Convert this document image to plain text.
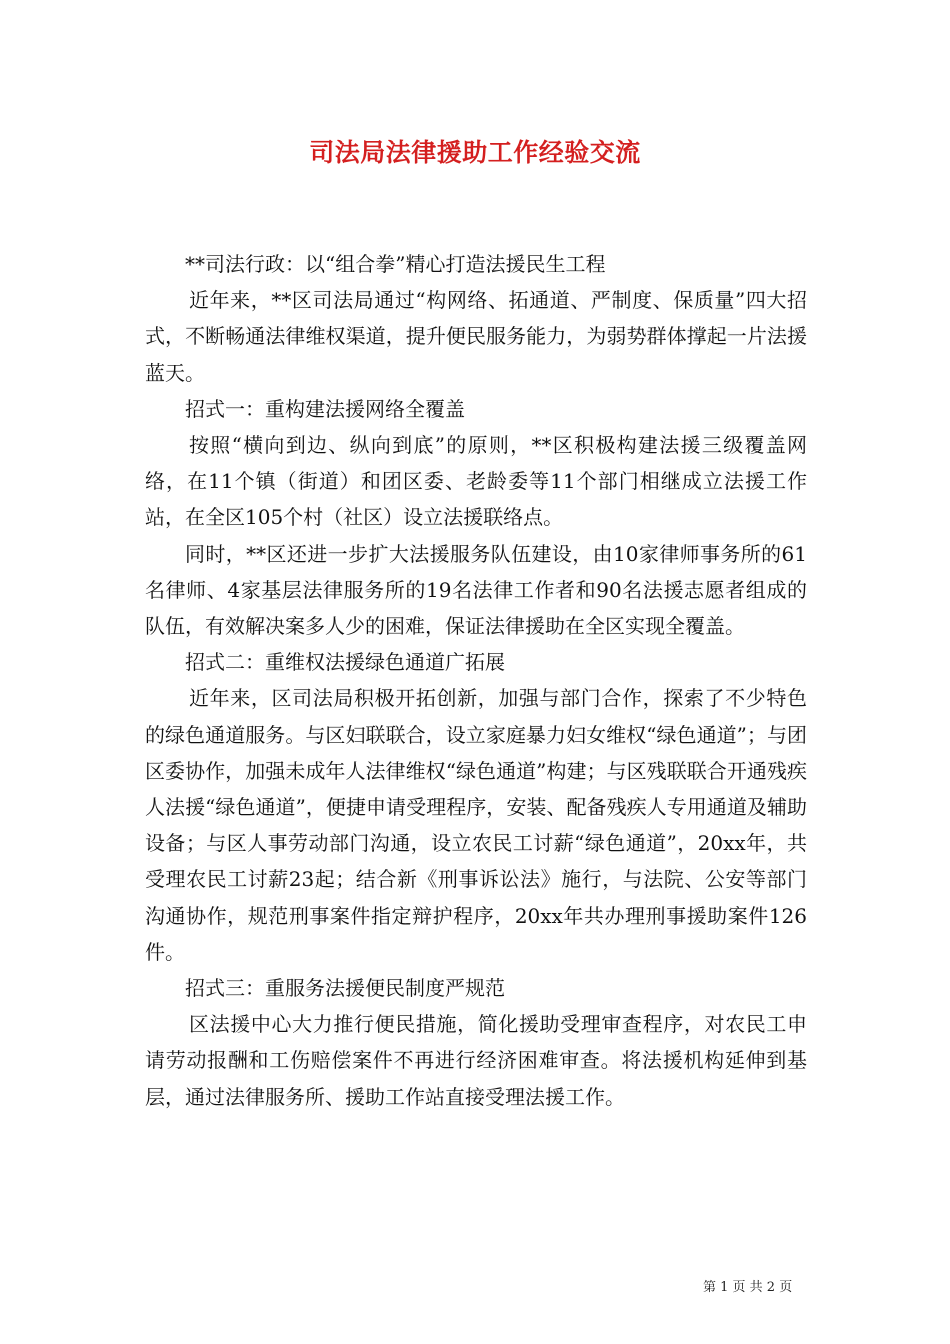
司法局法律援助工作经验交流

**司法行政：以“组合拳”精心打造法援民生工程

近年来，**区司法局通过“构网络、拓通道、严制度、保质量”四大招式，不断畅通法律维权渠道，提升便民服务能力，为弱势群体撑起一片法援蓝天。

招式一：重构建法援网络全覆盖

按照“横向到边、纵向到底”的原则，**区积极构建法援三级覆盖网络，在11个镇（街道）和团区委、老龄委等11个部门相继成立法援工作站，在全区105个村（社区）设立法援联络点。

同时，**区还进一步扩大法援服务队伍建设，由10家律师事务所的61名律师、4家基层法律服务所的19名法律工作者和90名法援志愿者组成的队伍，有效解决案多人少的困难，保证法律援助在全区实现全覆盖。

招式二：重维权法援绿色通道广拓展

近年来，区司法局积极开拓创新，加强与部门合作，探索了不少特色的绿色通道服务。与区妇联联合，设立家庭暴力妇女维权“绿色通道”；与团区委协作，加强未成年人法律维权“绿色通道”构建；与区残联联合开通残疾人法援“绿色通道”，便捷申请受理程序，安装、配备残疾人专用通道及辅助设备；与区人事劳动部门沟通，设立农民工讨薪“绿色通道”，20xx年，共受理农民工讨薪23起；结合新《刑事诉讼法》施行，与法院、公安等部门沟通协作，规范刑事案件指定辩护程序，20xx年共办理刑事援助案件126件。

招式三：重服务法援便民制度严规范

区法援中心大力推行便民措施，简化援助受理审查程序，对农民工申请劳动报酬和工伤赔偿案件不再进行经济困难审查。将法援机构延伸到基层，通过法律服务所、援助工作站直接受理法援工作。

第 1 页 共 2 页
